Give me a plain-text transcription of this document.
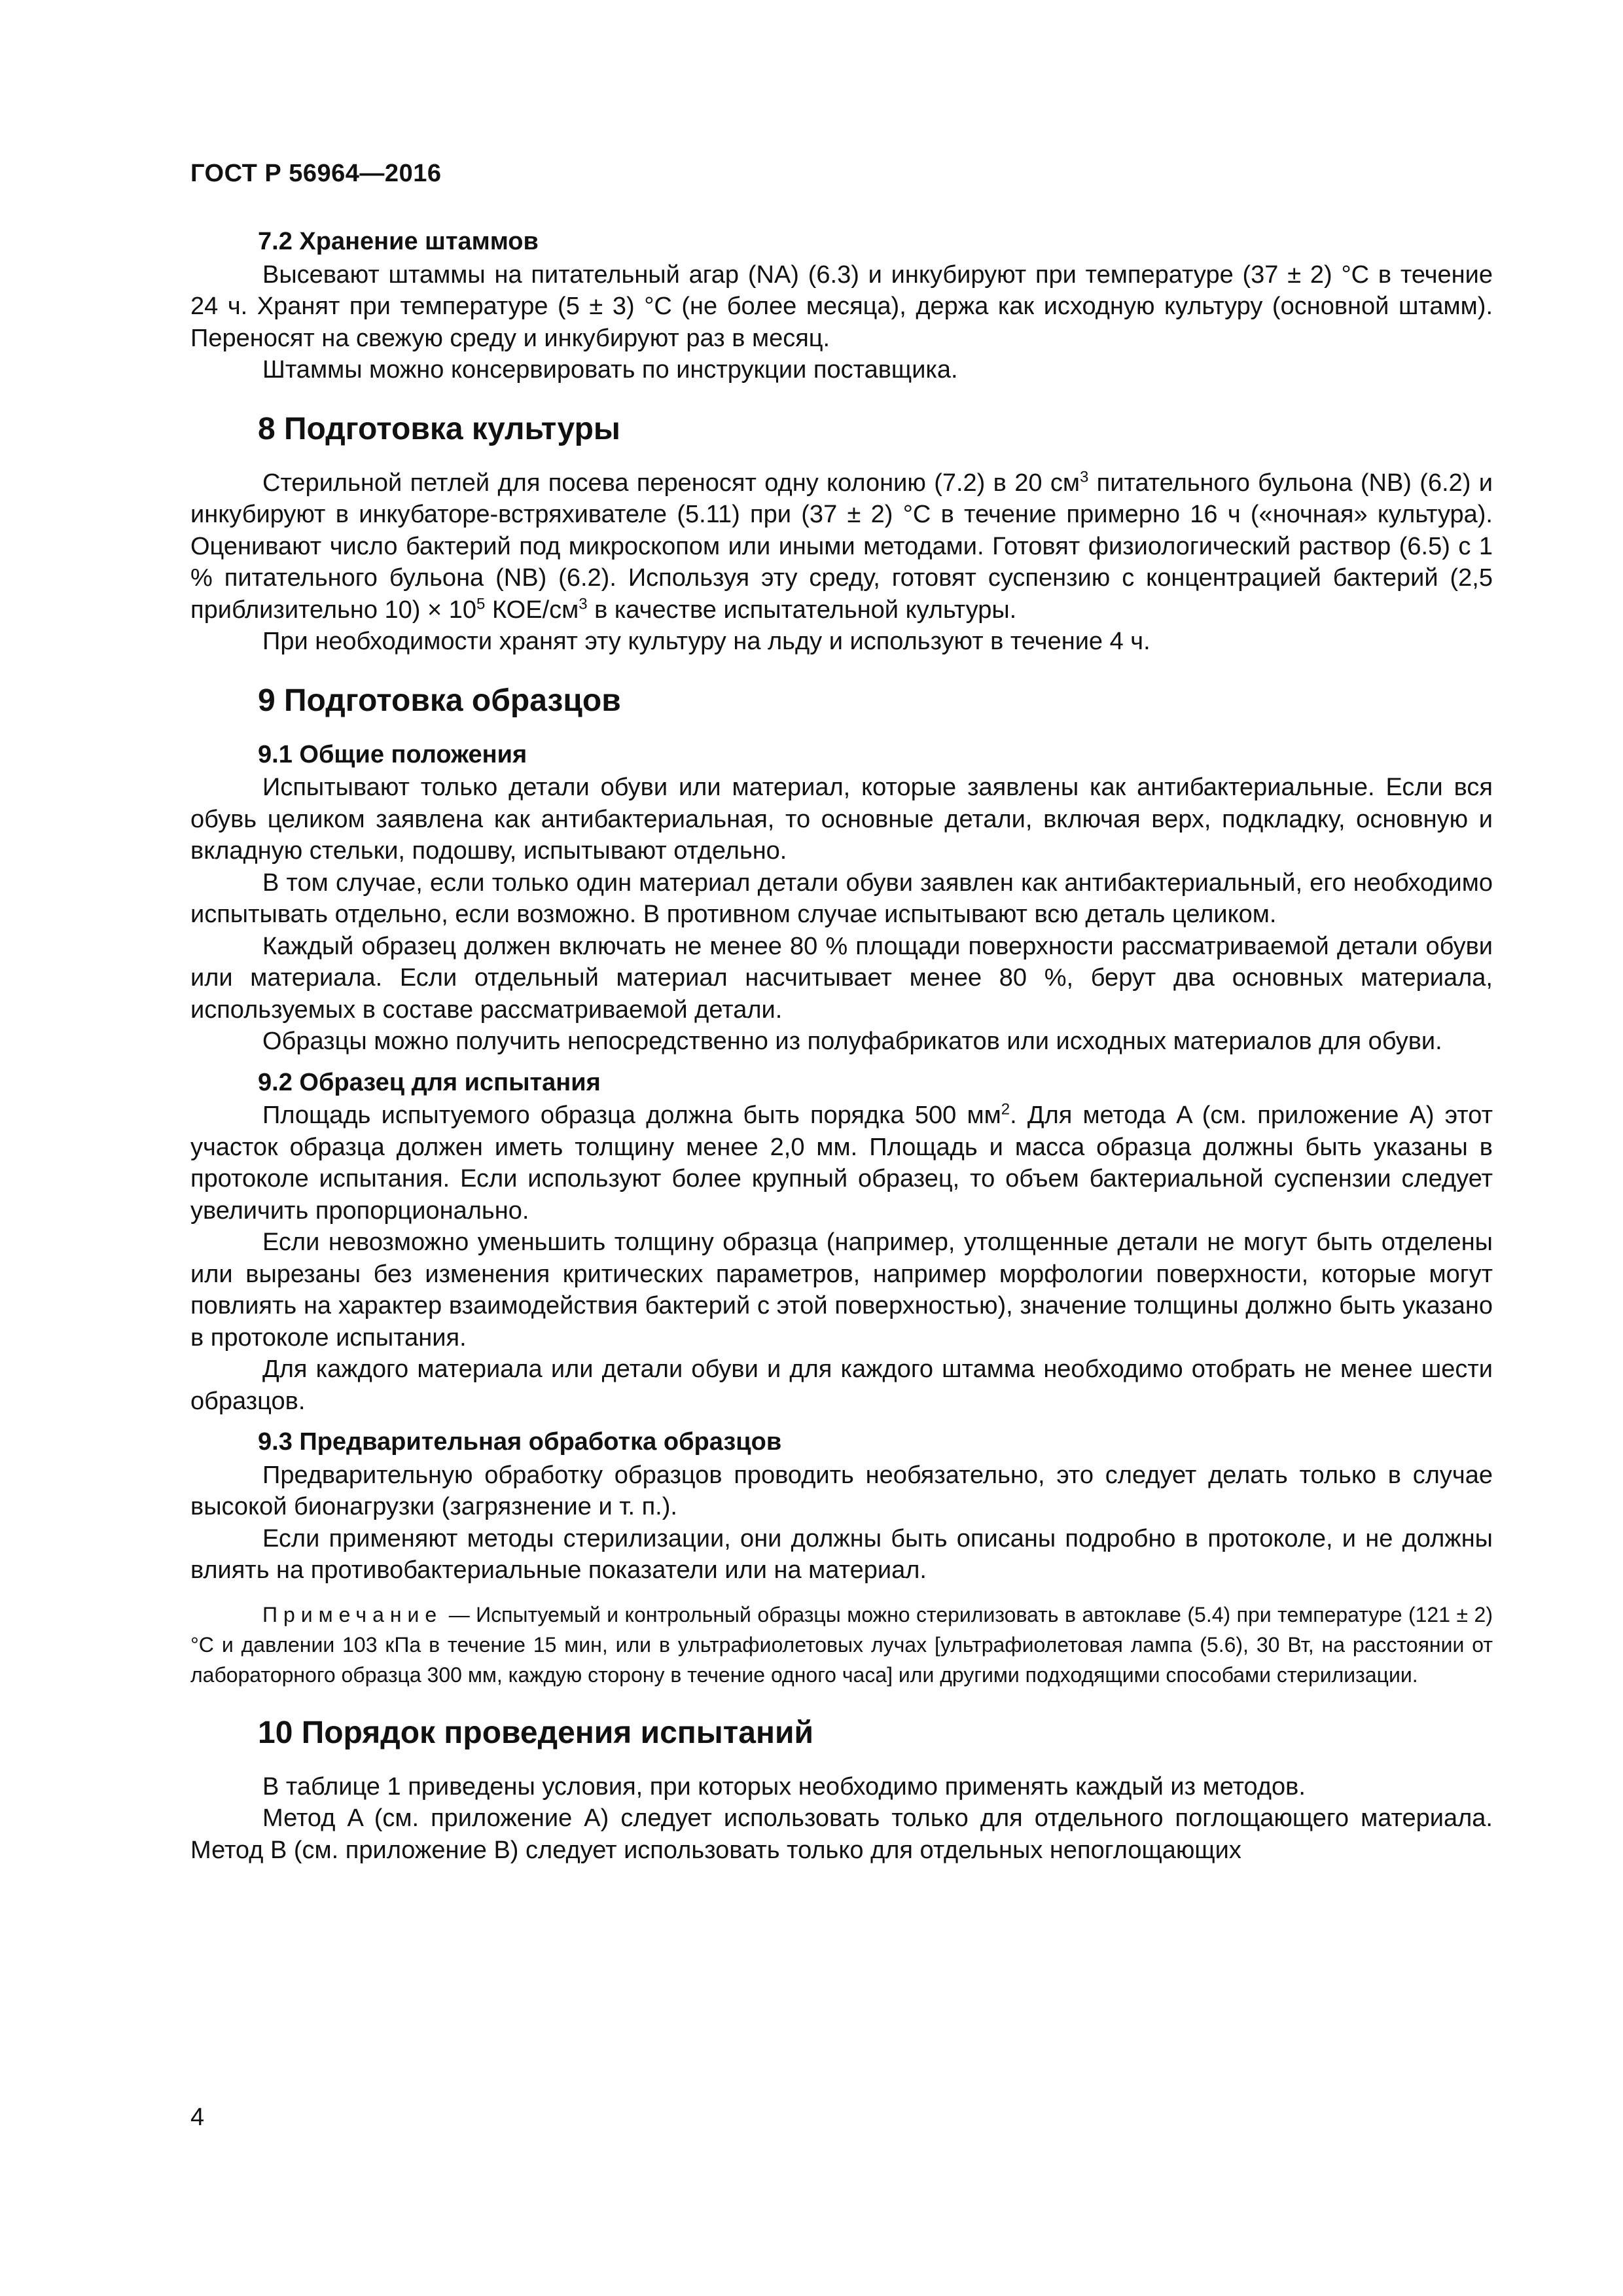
ГОСТ Р 56964—2016
7.2 Хранение штаммов

Высевают штаммы на питательный агар (NA) (6.3) и инкубируют при температуре (37 ± 2) °C в течение 24 ч. Хранят при температуре (5 ± 3) °C (не более месяца), держа как исходную культуру (основной штамм). Переносят на свежую среду и инкубируют раз в месяц.

Штаммы можно консервировать по инструкции поставщика.

8 Подготовка культуры

Стерильной петлей для посева переносят одну колонию (7.2) в 20 $см^3$ питательного бульона (NB) (6.2) и инкубируют в инкубаторе-встряхивателе (5.11) при (37 ± 2) °C в течение примерно 16 ч («ночная» культура). Оценивают число бактерий под микроскопом или иными методами. Готовят физиологический раствор (6.5) с 1 % питательного бульона (NB) (6.2). Используя эту среду, готовят суспензию с концентрацией бактерий (2,5 приблизительно $10) \times 10^5$ КОЕ/$см^3$ в качестве испытательной культуры.

При необходимости хранят эту культуру на льду и используют в течение 4 ч.

9 Подготовка образцов
9.1 Общие положения

Испытывают только детали обуви или материал, которые заявлены как антибактериальные. Если вся обувь целиком заявлена как антибактериальная, то основные детали, включая верх, подкладку, основную и вкладную стельки, подошву, испытывают отдельно.

В том случае, если только один материал детали обуви заявлен как антибактериальный, его необходимо испытывать отдельно, если возможно. В противном случае испытывают всю деталь целиком.

Каждый образец должен включать не менее 80 % площади поверхности рассматриваемой детали обуви или материала. Если отдельный материал насчитывает менее 80 %, берут два основных материала, используемых в составе рассматриваемой детали.

Образцы можно получить непосредственно из полуфабрикатов или исходных материалов для обуви.

9.2 Образец для испытания

Площадь испытуемого образца должна быть порядка 500 $мм^2$. Для метода A (см. приложение A) этот участок образца должен иметь толщину менее 2,0 мм. Площадь и масса образца должны быть указаны в протоколе испытания. Если используют более крупный образец, то объем бактериальной суспензии следует увеличить пропорционально.

Если невозможно уменьшить толщину образца (например, утолщенные детали не могут быть отделены или вырезаны без изменения критических параметров, например морфологии поверхности, которые могут повлиять на характер взаимодействия бактерий с этой поверхностью), значение толщины должно быть указано в протоколе испытания.

Для каждого материала или детали обуви и для каждого штамма необходимо отобрать не менее шести образцов.

9.3 Предварительная обработка образцов

Предварительную обработку образцов проводить необязательно, это следует делать только в случае высокой бионагрузки (загрязнение и т. п.).

Если применяют методы стерилизации, они должны быть описаны подробно в протоколе, и не должны влиять на противобактериальные показатели или на материал.

Примечание — Испытуемый и контрольный образцы можно стерилизовать в автоклаве (5.4) при температуре (121 ± 2) °C и давлении 103 кПа в течение 15 мин, или в ультрафиолетовых лучах [ультрафиолетовая лампа (5.6), 30 Вт, на расстоянии от лабораторного образца 300 мм, каждую сторону в течение одного часа] или другими подходящими способами стерилизации.
10 Порядок проведения испытаний

В таблице 1 приведены условия, при которых необходимо применять каждый из методов.

Метод A (см. приложение A) следует использовать только для отдельного поглощающего материала. Метод B (см. приложение B) следует использовать только для отдельных непоглощающих

4
